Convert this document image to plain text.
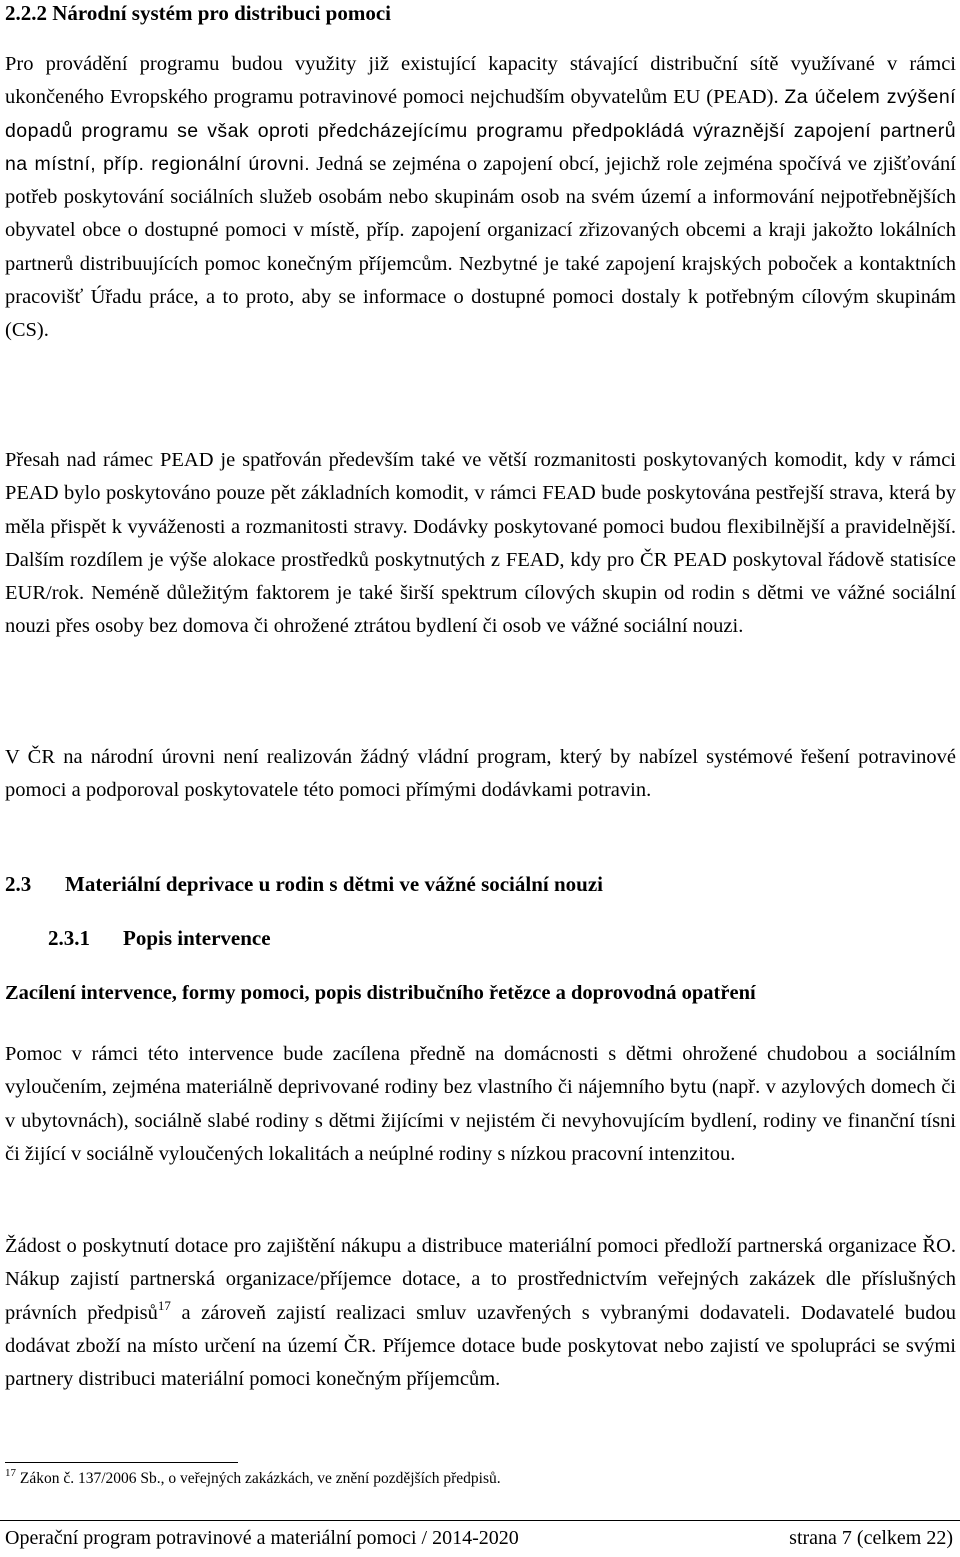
2.2.2 Národní systém pro distribuci pomoci

Pro provádění programu budou využity již existující kapacity stávající distribuční sítě využívané v rámci ukončeného Evropského programu potravinové pomoci nejchudším obyvatelům EU (PEAD). Za účelem zvýšení dopadů programu se však oproti předcházejícímu programu předpokládá výraznější zapojení partnerů na místní, příp. regionální úrovni. Jedná se zejména o zapojení obcí, jejichž role zejména spočívá ve zjišťování potřeb poskytování sociálních služeb osobám nebo skupinám osob na svém území a informování nejpotřebnějších obyvatel obce o dostupné pomoci v místě, příp. zapojení organizací zřizovaných obcemi a kraji jakožto lokálních partnerů distribuujících pomoc konečným příjemcům. Nezbytné je také zapojení krajských poboček a kontaktních pracovišť Úřadu práce, a to proto, aby se informace o dostupné pomoci dostaly k potřebným cílovým skupinám (CS).

Přesah nad rámec PEAD je spatřován především také ve větší rozmanitosti poskytovaných komodit, kdy v rámci PEAD bylo poskytováno pouze pět základních komodit, v rámci FEAD bude poskytována pestřejší strava, která by měla přispět k vyváženosti a rozmanitosti stravy. Dodávky poskytované pomoci budou flexibilnější a pravidelnější. Dalším rozdílem je výše alokace prostředků poskytnutých z FEAD, kdy pro ČR PEAD poskytoval řádově statisíce EUR/rok. Neméně důležitým faktorem je také širší spektrum cílových skupin od rodin s dětmi ve vážné sociální nouzi přes osoby bez domova či ohrožené ztrátou bydlení či osob ve vážné sociální nouzi.

V ČR na národní úrovni není realizován žádný vládní program, který by nabízel systémové řešení potravinové pomoci a podporoval poskytovatele této pomoci přímými dodávkami potravin.

2.3 Materiální deprivace u rodin s dětmi ve vážné sociální nouzi
2.3.1 Popis intervence
Zacílení intervence, formy pomoci, popis distribučního řetězce a doprovodná opatření

Pomoc v rámci této intervence bude zacílena předně na domácnosti s dětmi ohrožené chudobou a sociálním vyloučením, zejména materiálně deprivované rodiny bez vlastního či nájemního bytu (např. v azylových domech či v ubytovnách), sociálně slabé rodiny s dětmi žijícími v nejistém či nevyhovujícím bydlení, rodiny ve finanční tísni či žijící v sociálně vyloučených lokalitách a neúplné rodiny s nízkou pracovní intenzitou.

Žádost o poskytnutí dotace pro zajištění nákupu a distribuce materiální pomoci předloží partnerská organizace ŘO. Nákup zajistí partnerská organizace/příjemce dotace, a to prostřednictvím veřejných zakázek dle příslušných právních předpisů$^{17}$ a zároveň zajistí realizaci smluv uzavřených s vybranými dodavateli. Dodavatelé budou dodávat zboží na místo určení na území ČR. Příjemce dotace bude poskytovat nebo zajistí ve spolupráci se svými partnery distribuci materiální pomoci konečným příjemcům.

$^{17}$ Zákon č. 137/2006 Sb., o veřejných zakázkách, ve znění pozdějších předpisů.
Operační program potravinové a materiální pomoci / 2014-2020	strana 7 (celkem 22)
